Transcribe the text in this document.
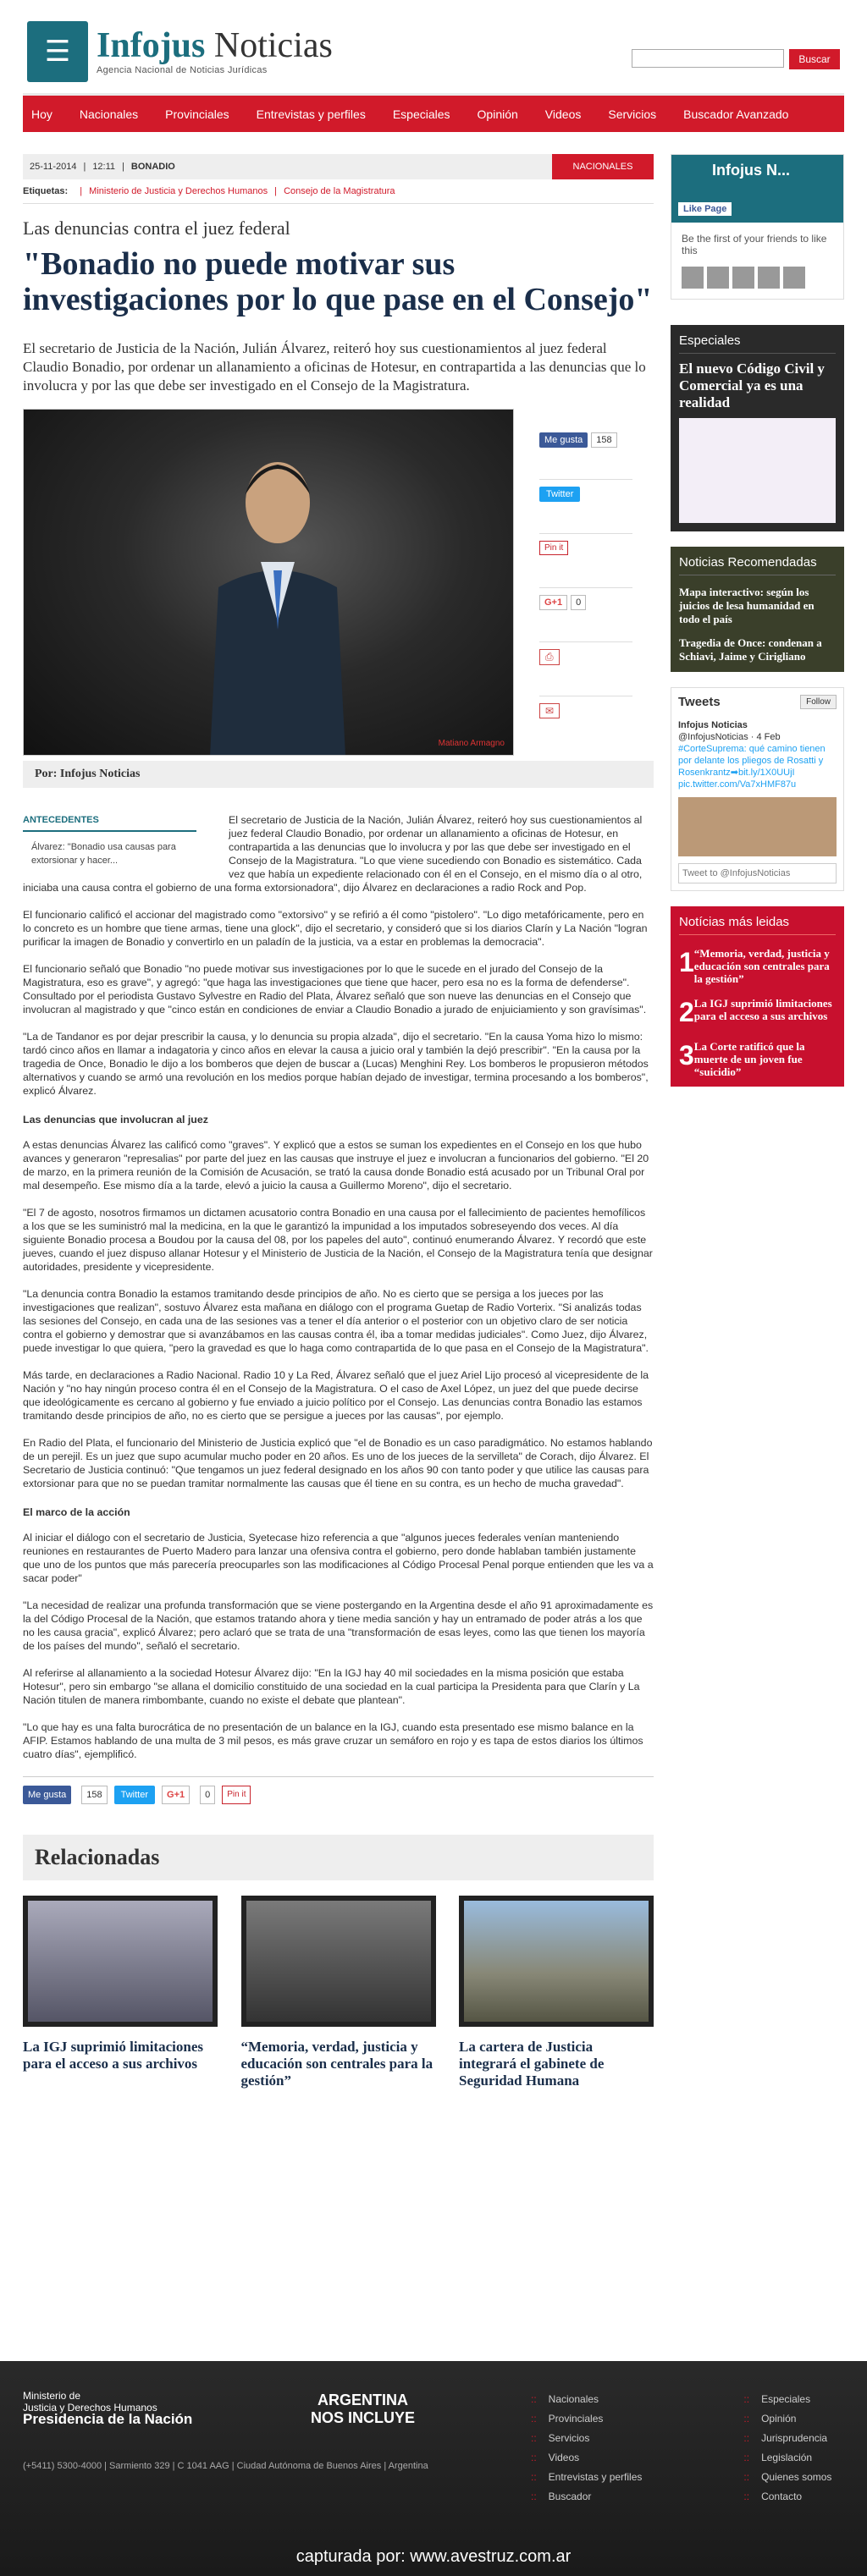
☰ Infojus Noticias
Agencia Nacional de Noticias Jurídicas
Buscar
Hoy Nacionales Provinciales Entrevistas y perfiles Especiales Opinión Videos Servicios Buscador Avanzado
25-11-2014 | 12:11 | BONADIO	NACIONALES
Etiquetas: | Ministerio de Justicia y Derechos Humanos | Consejo de la Magistratura
Las denuncias contra el juez federal
"Bonadio no puede motivar sus investigaciones por lo que pase en el Consejo"
El secretario de Justicia de la Nación, Julián Álvarez, reiteró hoy sus cuestionamientos al juez federal Claudio Bonadio, por ordenar un allanamiento a oficinas de Hotesur, en contrapartida a las denuncias que lo involucra y por las que debe ser investigado en el Consejo de la Magistratura.
Matiano Armagno
Me gusta	158
Twitter
Pin it
G+1	0
⎙
✉
Por: Infojus Noticias
ANTECEDENTES

Álvarez: "Bonadio usa causas para extorsionar y hacer...

El secretario de Justicia de la Nación, Julián Álvarez, reiteró hoy sus cuestionamientos al juez federal Claudio Bonadio, por ordenar un allanamiento a oficinas de Hotesur, en contrapartida a las denuncias que lo involucra y por las que debe ser investigado en el Consejo de la Magistratura. "Lo que viene sucediendo con Bonadio es sistemático. Cada vez que había un expediente relacionado con él en el Consejo, en el mismo día o al otro, iniciaba una causa contra el gobierno de una forma extorsionadora", dijo Álvarez en declaraciones a radio Rock and Pop.

El funcionario calificó el accionar del magistrado como "extorsivo" y se refirió a él como "pistolero". "Lo digo metafóricamente, pero en lo concreto es un hombre que tiene armas, tiene una glock", dijo el secretario, y consideró que si los diarios Clarín y La Nación "logran purificar la imagen de Bonadio y convertirlo en un paladín de la justicia, va a estar en problemas la democracia".

El funcionario señaló que Bonadio "no puede motivar sus investigaciones por lo que le sucede en el jurado del Consejo de la Magistratura, eso es grave", y agregó: "que haga las investigaciones que tiene que hacer, pero esa no es la forma de defenderse". Consultado por el periodista Gustavo Sylvestre en Radio del Plata, Álvarez señaló que son nueve las denuncias en el Consejo que involucran al magistrado y que "cinco están en condiciones de enviar a Claudio Bonadio a jurado de enjuiciamiento y son gravísimas".

"La de Tandanor es por dejar prescribir la causa, y lo denuncia su propia alzada", dijo el secretario. "En la causa Yoma hizo lo mismo: tardó cinco años en llamar a indagatoria y cinco años en elevar la causa a juicio oral y también la dejó prescribir". "En la causa por la tragedia de Once, Bonadio le dijo a los bomberos que dejen de buscar a (Lucas) Menghini Rey. Los bomberos le propusieron métodos alternativos y cuando se armó una revolución en los medios porque habían dejado de investigar, termina procesando a los bomberos", explicó Álvarez.

Las denuncias que involucran al juez

A estas denuncias Álvarez las calificó como "graves". Y explicó que a estos se suman los expedientes en el Consejo en los que hubo avances y generaron "represalias" por parte del juez en las causas que instruye el juez e involucran a funcionarios del gobierno. "El 20 de marzo, en la primera reunión de la Comisión de Acusación, se trató la causa donde Bonadio está acusado por un Tribunal Oral por mal desempeño. Ese mismo día a la tarde, elevó a juicio la causa a Guillermo Moreno", dijo el secretario.

"El 7 de agosto, nosotros firmamos un dictamen acusatorio contra Bonadio en una causa por el fallecimiento de pacientes hemofílicos a los que se les suministró mal la medicina, en la que le garantizó la impunidad a los imputados sobreseyendo dos veces. Al día siguiente Bonadio procesa a Boudou por la causa del 08, por los papeles del auto", continuó enumerando Álvarez. Y recordó que este jueves, cuando el juez dispuso allanar Hotesur y el Ministerio de Justicia de la Nación, el Consejo de la Magistratura tenía que designar autoridades, presidente y vicepresidente.

"La denuncia contra Bonadio la estamos tramitando desde principios de año. No es cierto que se persiga a los jueces por las investigaciones que realizan", sostuvo Álvarez esta mañana en diálogo con el programa Guetap de Radio Vorterix. "Si analizás todas las sesiones del Consejo, en cada una de las sesiones vas a tener el día anterior o el posterior con un objetivo claro de ser noticia contra el gobierno y demostrar que si avanzábamos en las causas contra él, iba a tomar medidas judiciales". Como Juez, dijo Álvarez, puede investigar lo que quiera, "pero la gravedad es que lo haga como contrapartida de lo que pasa en el Consejo de la Magistratura".

Más tarde, en declaraciones a Radio Nacional. Radio 10 y La Red, Álvarez señaló que el juez Ariel Lijo procesó al vicepresidente de la Nación y "no hay ningún proceso contra él en el Consejo de la Magistratura. O el caso de Axel López, un juez del que puede decirse que ideológicamente es cercano al gobierno y fue enviado a juicio político por el Consejo. Las denuncias contra Bonadio las estamos tramitando desde principios de año, no es cierto que se persigue a jueces por las causas", por ejemplo.

En Radio del Plata, el funcionario del Ministerio de Justicia explicó que "el de Bonadio es un caso paradigmático. No estamos hablando de un perejil. Es un juez que supo acumular mucho poder en 20 años. Es uno de los jueces de la servilleta" de Corach, dijo Álvarez. El Secretario de Justicia continuó: "Que tengamos un juez federal designado en los años 90 con tanto poder y que utilice las causas para extorsionar para que no se puedan tramitar normalmente las causas que él tiene en su contra, es un hecho de mucha gravedad".

El marco de la acción

Al iniciar el diálogo con el secretario de Justicia, Syetecase hizo referencia a que "algunos jueces federales venían manteniendo reuniones en restaurantes de Puerto Madero para lanzar una ofensiva contra el gobierno, pero donde hablaban también justamente que uno de los puntos que más parecería preocuparles son las modificaciones al Código Procesal Penal porque entienden que les va a sacar poder"

"La necesidad de realizar una profunda transformación que se viene postergando en la Argentina desde el año 91 aproximadamente es la del Código Procesal de la Nación, que estamos tratando ahora y tiene media sanción y hay un entramado de poder atrás a los que no les causa gracia", explicó Álvarez; pero aclaró que se trata de una "transformación de esas leyes, como las que tienen los mayoría de los países del mundo", señaló el secretario.

Al referirse al allanamiento a la sociedad Hotesur Álvarez dijo: "En la IGJ hay 40 mil sociedades en la misma posición que estaba Hotesur", pero sin embargo "se allana el domicilio constituido de una sociedad en la cual participa la Presidenta para que Clarín y La Nación titulen de manera rimbombante, cuando no existe el debate que plantean".

"Lo que hay es una falta burocrática de no presentación de un balance en la IGJ, cuando esta presentado ese mismo balance en la AFIP. Estamos hablando de una multa de 3 mil pesos, es más grave cruzar un semáforo en rojo y es tapa de estos diarios los últimos cuatro días", ejemplificó.

Me gusta	158	Twitter	G+1	0	Pin it
Relacionadas
La IGJ suprimió limitaciones para el acceso a sus archivos
“Memoria, verdad, justicia y educación son centrales para la gestión”
La cartera de Justicia integrará el gabinete de Seguridad Humana
Infojus N...
Like Page
Be the first of your friends to like this
Especiales
El nuevo Código Civil y Comercial ya es una realidad
Noticias Recomendadas

Mapa interactivo: según los juicios de lesa humanidad en todo el país

Tragedia de Once: condenan a Schiavi, Jaime y Cirigliano

Tweets	Follow
Infojus Noticias
@InfojusNoticias · 4 Feb
#CorteSuprema: qué camino tienen por delante los pliegos de Rosatti y Rosenkrantz➡bit.ly/1X0UUjI pic.twitter.com/Va7xHMF87u
Tweet to @InfojusNoticias
Notícias más leidas
1 “Memoria, verdad, justicia y educación son centrales para la gestión”
2 La IGJ suprimió limitaciones para el acceso a sus archivos
3 La Corte ratificó que la muerte de un joven fue “suicidio”
Ministerio de
Justicia y Derechos Humanos
Presidencia de la Nación
ARGENTINA
NOS INCLUYE
(+5411) 5300-4000 | Sarmiento 329 | C 1041 AAG | Ciudad Autónoma de Buenos Aires | Argentina

:: Nacionales

:: Provinciales

:: Servicios

:: Videos

:: Entrevistas y perfiles

:: Buscador

:: Especiales

:: Opinión

:: Jurisprudencia

:: Legislación

:: Quienes somos

:: Contacto

capturada por: www.avestruz.com.ar
